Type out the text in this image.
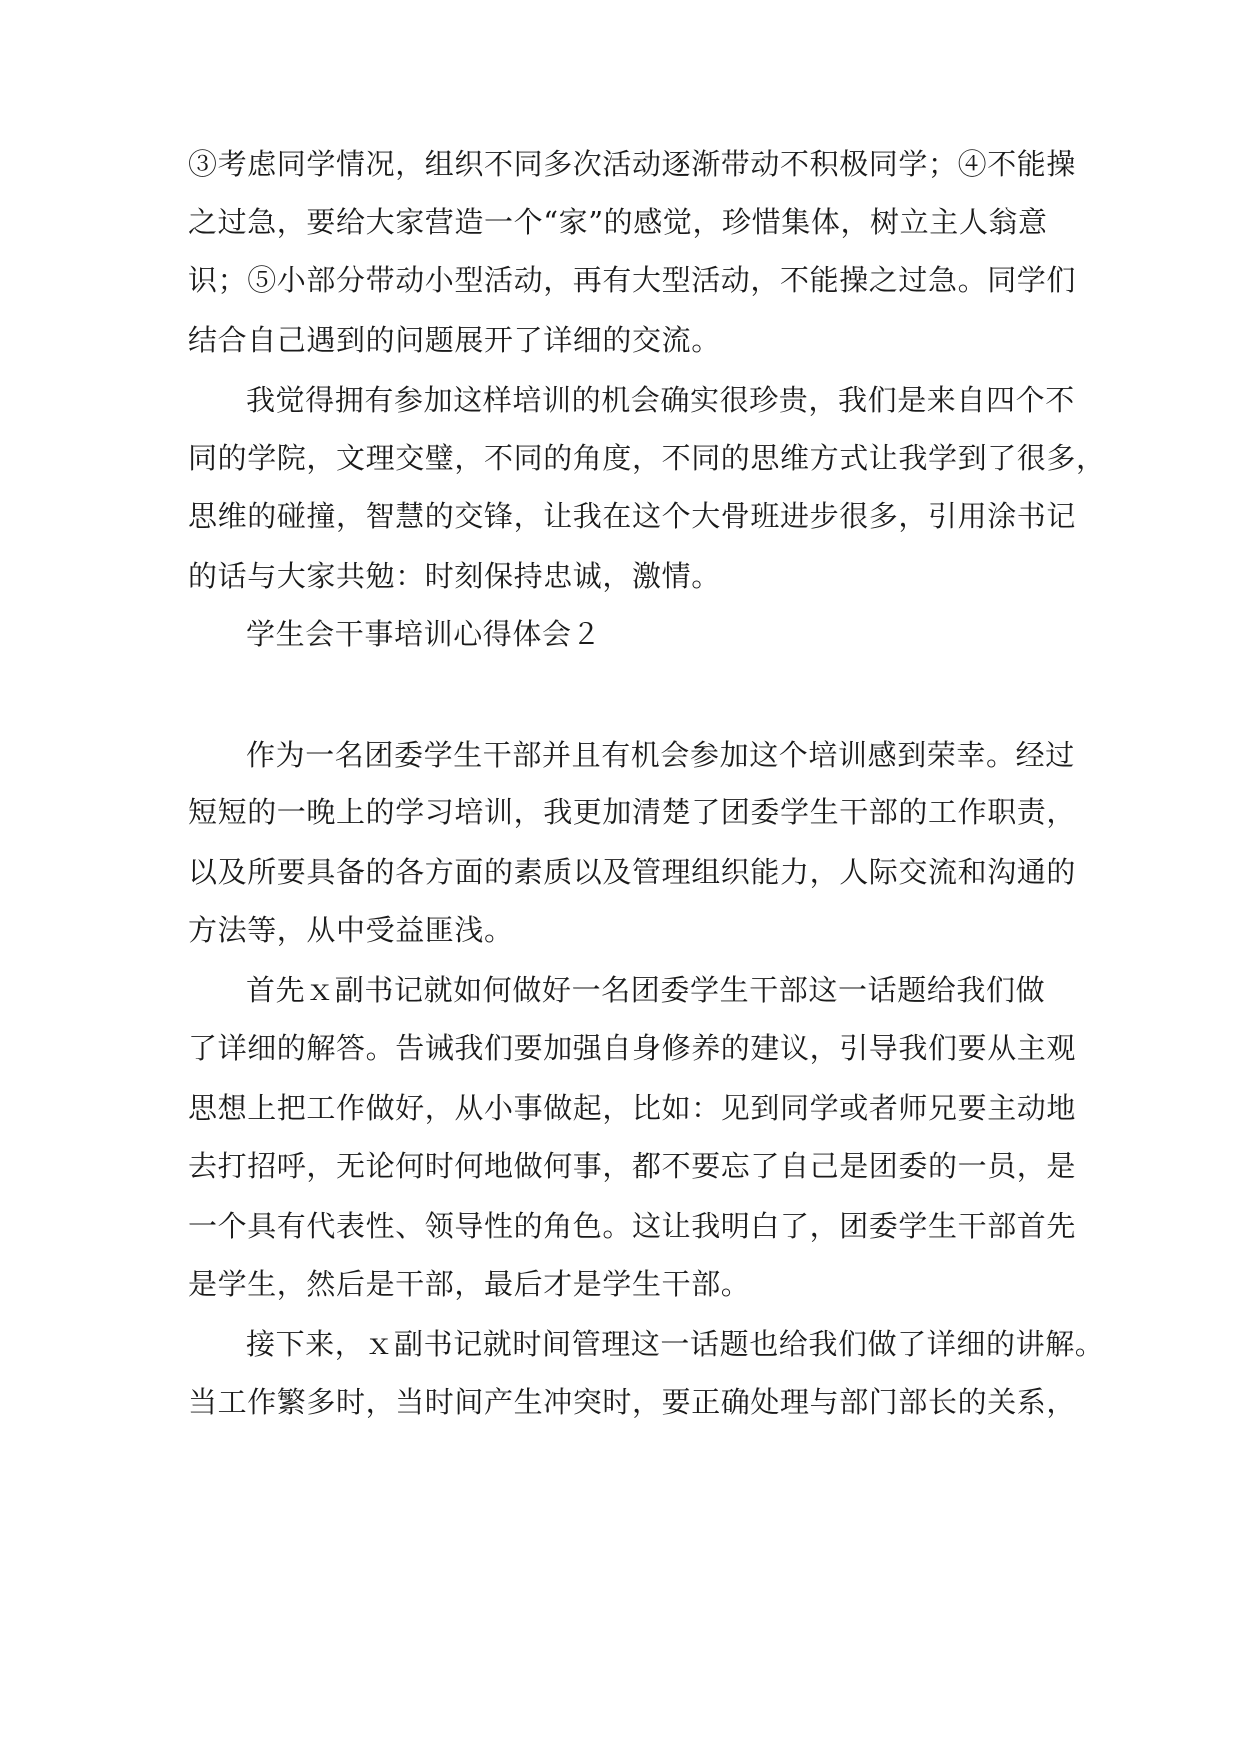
③考虑同学情况，组织不同多次活动逐渐带动不积极同学；④不能操
之过急，要给大家营造一个“家”的感觉，珍惜集体，树立主人翁意
识；⑤小部分带动小型活动，再有大型活动，不能操之过急。同学们
结合自己遇到的问题展开了详细的交流。
我觉得拥有参加这样培训的机会确实很珍贵，我们是来自四个不
同的学院，文理交璧，不同的角度，不同的思维方式让我学到了很多，
思维的碰撞，智慧的交锋，让我在这个大骨班进步很多，引用涂书记
的话与大家共勉：时刻保持忠诚，激情。
学生会干事培训心得体会２
作为一名团委学生干部并且有机会参加这个培训感到荣幸。经过
短短的一晚上的学习培训，我更加清楚了团委学生干部的工作职责，
以及所要具备的各方面的素质以及管理组织能力，人际交流和沟通的
方法等，从中受益匪浅。
首先ｘ副书记就如何做好一名团委学生干部这一话题给我们做
了详细的解答。告诫我们要加强自身修养的建议，引导我们要从主观
思想上把工作做好，从小事做起，比如：见到同学或者师兄要主动地
去打招呼，无论何时何地做何事，都不要忘了自己是团委的一员，是
一个具有代表性、领导性的角色。这让我明白了，团委学生干部首先
是学生，然后是干部，最后才是学生干部。
接下来，ｘ副书记就时间管理这一话题也给我们做了详细的讲解。
当工作繁多时，当时间产生冲突时，要正确处理与部门部长的关系，
